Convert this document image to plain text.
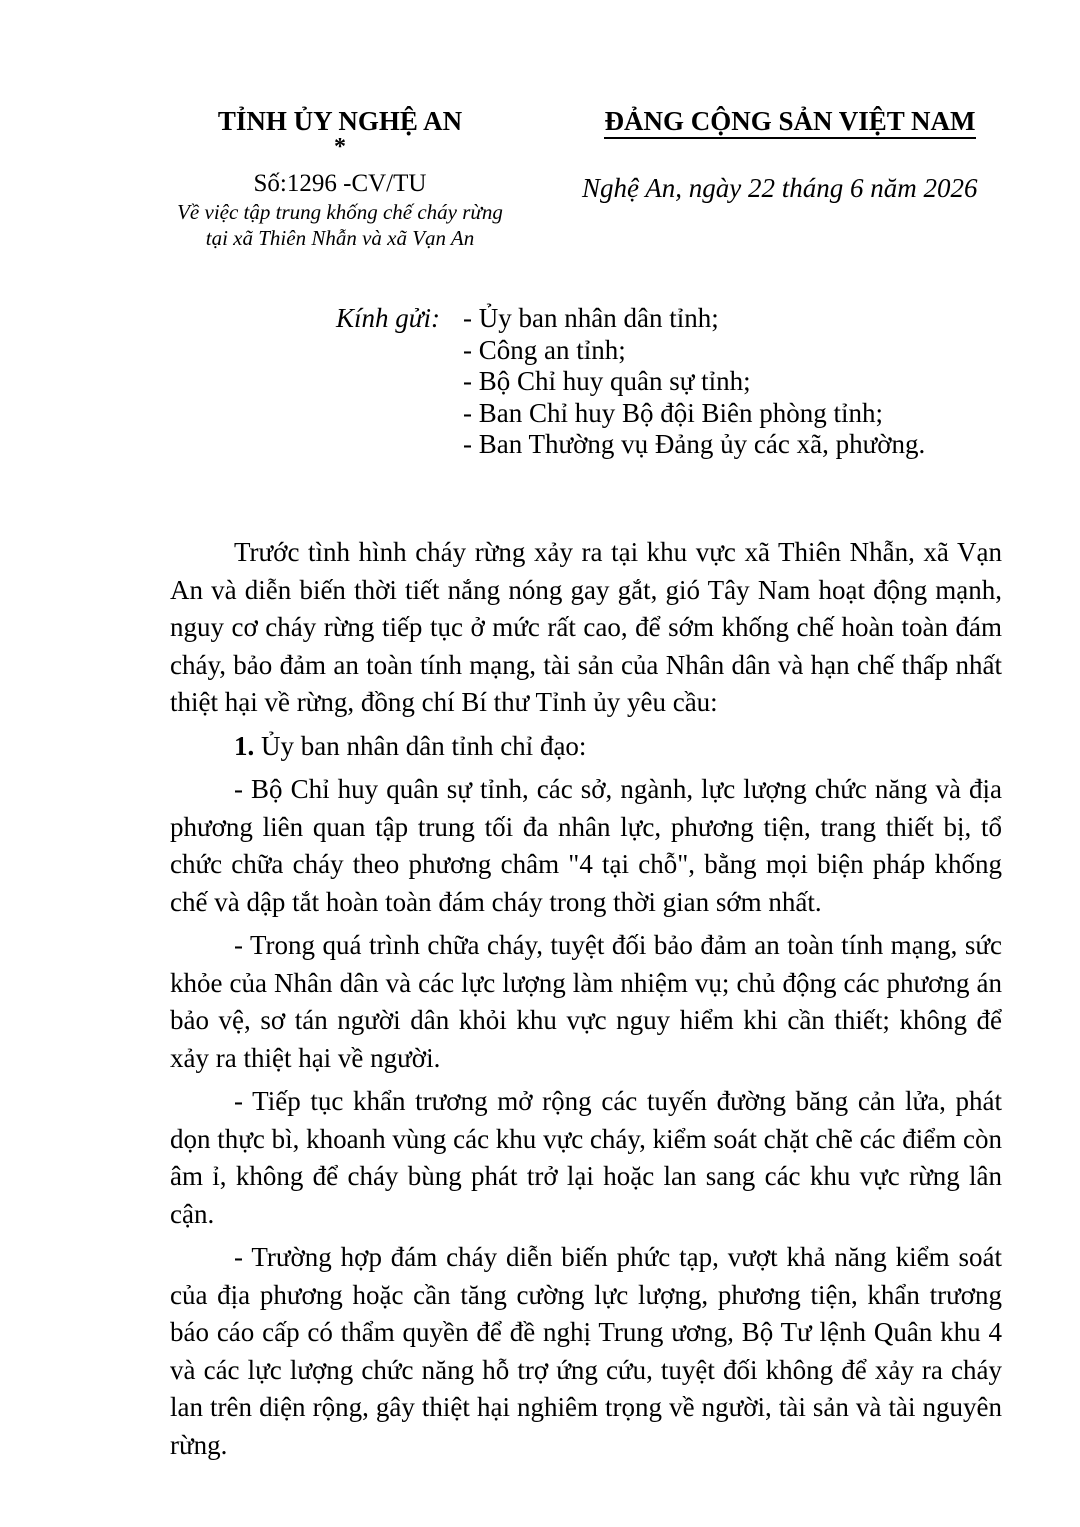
TỈNH ỦY NGHỆ AN
*
Số:1296 -CV/TU
Về việc tập trung khống chế cháy rừng
tại xã Thiên Nhẫn và xã Vạn An
ĐẢNG CỘNG SẢN VIỆT NAM
Nghệ An, ngày 22 tháng 6 năm 2026
Kính gửi: - Ủy ban nhân dân tỉnh;
- Công an tỉnh;
- Bộ Chỉ huy quân sự tỉnh;
- Ban Chỉ huy Bộ đội Biên phòng tỉnh;
- Ban Thường vụ Đảng ủy các xã, phường.

Trước tình hình cháy rừng xảy ra tại khu vực xã Thiên Nhẫn, xã Vạn An và diễn biến thời tiết nắng nóng gay gắt, gió Tây Nam hoạt động mạnh, nguy cơ cháy rừng tiếp tục ở mức rất cao, để sớm khống chế hoàn toàn đám cháy, bảo đảm an toàn tính mạng, tài sản của Nhân dân và hạn chế thấp nhất thiệt hại về rừng, đồng chí Bí thư Tỉnh ủy yêu cầu:

1. Ủy ban nhân dân tỉnh chỉ đạo:

- Bộ Chỉ huy quân sự tỉnh, các sở, ngành, lực lượng chức năng và địa phương liên quan tập trung tối đa nhân lực, phương tiện, trang thiết bị, tổ chức chữa cháy theo phương châm "4 tại chỗ", bằng mọi biện pháp khống chế và dập tắt hoàn toàn đám cháy trong thời gian sớm nhất.

- Trong quá trình chữa cháy, tuyệt đối bảo đảm an toàn tính mạng, sức khỏe của Nhân dân và các lực lượng làm nhiệm vụ; chủ động các phương án bảo vệ, sơ tán người dân khỏi khu vực nguy hiểm khi cần thiết; không để xảy ra thiệt hại về người.

- Tiếp tục khẩn trương mở rộng các tuyến đường băng cản lửa, phát dọn thực bì, khoanh vùng các khu vực cháy, kiểm soát chặt chẽ các điểm còn âm ỉ, không để cháy bùng phát trở lại hoặc lan sang các khu vực rừng lân cận.

- Trường hợp đám cháy diễn biến phức tạp, vượt khả năng kiểm soát của địa phương hoặc cần tăng cường lực lượng, phương tiện, khẩn trương báo cáo cấp có thẩm quyền để đề nghị Trung ương, Bộ Tư lệnh Quân khu 4 và các lực lượng chức năng hỗ trợ ứng cứu, tuyệt đối không để xảy ra cháy lan trên diện rộng, gây thiệt hại nghiêm trọng về người, tài sản và tài nguyên rừng.
